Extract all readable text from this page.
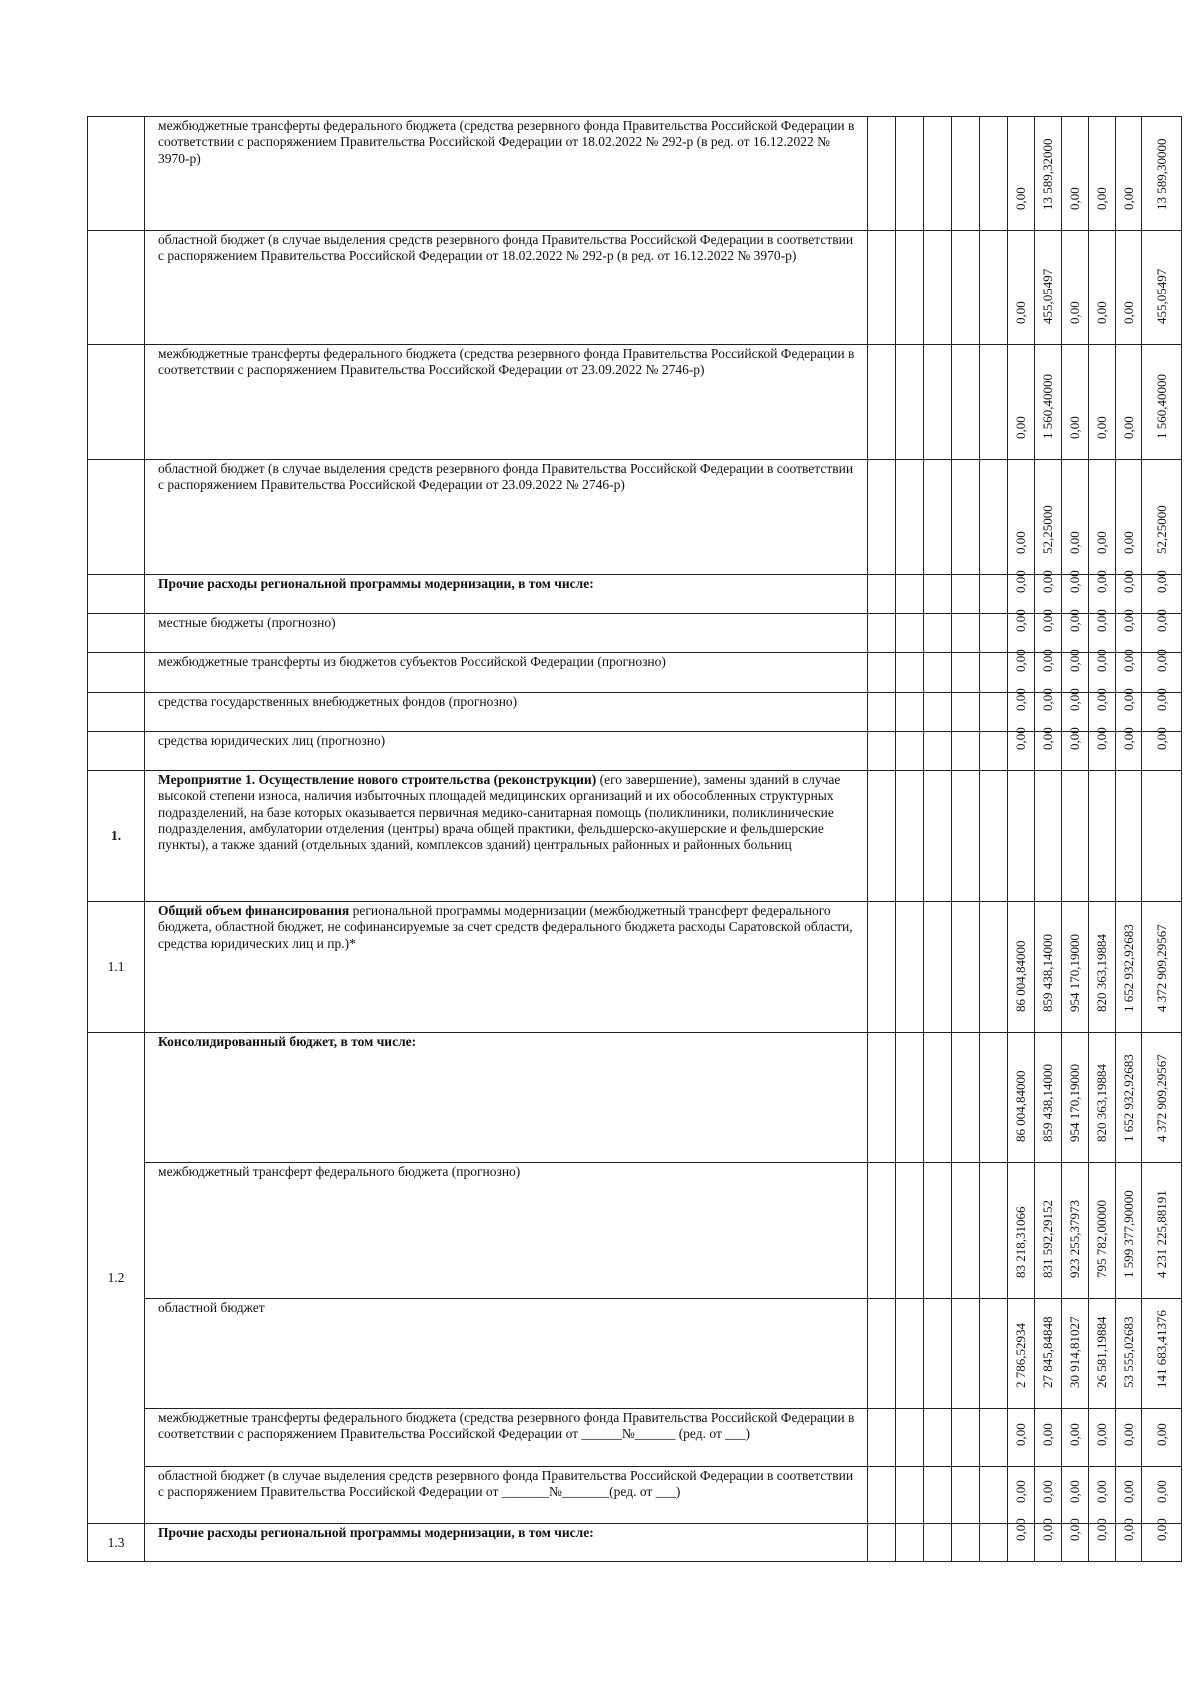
	межбюджетные трансферты федерального бюджета (средства резервного фонда Правительства Российской Федерации в соответствии с распоряжением Правительства Российской Федерации от 18.02.2022 № 292-р (в ред. от 16.12.2022 № 3970-р)						0,00	13 589,32000	0,00	0,00	0,00	13 589,30000

	областной бюджет (в случае выделения средств резервного фонда Правительства Российской Федерации в соответствии с распоряжением Правительства Российской Федерации от 18.02.2022 № 292-р (в ред. от 16.12.2022 № 3970-р)						0,00	455,05497	0,00	0,00	0,00	455,05497

	межбюджетные трансферты федерального бюджета (средства резервного фонда Правительства Российской Федерации в соответствии с распоряжением Правительства Российской Федерации от 23.09.2022 № 2746-р)						0,00	1 560,40000	0,00	0,00	0,00	1 560,40000

	областной бюджет (в случае выделения средств резервного фонда Правительства Российской Федерации в соответствии с распоряжением Правительства Российской Федерации от 23.09.2022 № 2746-р)						0,00	52,25000	0,00	0,00	0,00	52,25000

	Прочие расходы региональной программы модернизации, в том числе:						0,00	0,00	0,00	0,00	0,00	0,00

	местные бюджеты (прогнозно)						0,00	0,00	0,00	0,00	0,00	0,00

	межбюджетные трансферты из бюджетов субъектов Российской Федерации (прогнозно)						0,00	0,00	0,00	0,00	0,00	0,00

	средства государственных внебюджетных фондов (прогнозно)						0,00	0,00	0,00	0,00	0,00	0,00

	средства юридических лиц (прогнозно)						0,00	0,00	0,00	0,00	0,00	0,00

1.	Мероприятие 1. Осуществление нового строительства (реконструкции) (его завершение), замены зданий в случае высокой степени износа, наличия избыточных площадей медицинских организаций и их обособленных структурных подразделений, на базе которых оказывается первичная медико-санитарная помощь (поликлиники, поликлинические подразделения, амбулатории отделения (центры) врача общей практики, фельдшерско-акушерские и фельдшерские пункты), а также зданий (отдельных зданий, комплексов зданий) центральных районных и районных больниц						

1.1	Общий объем финансирования региональной программы модернизации (межбюджетный трансферт федерального бюджета, областной бюджет, не софинансируемые за счет средств федерального бюджета расходы Саратовской области, средства юридических лиц и пр.)*						86 004,84000	859 438,14000	954 170,19000	820 363,19884	1 652 932,92683	4 372 909,29567

1.2	Консолидированный бюджет, в том числе:						86 004,84000	859 438,14000	954 170,19000	820 363,19884	1 652 932,92683	4 372 909,29567

	межбюджетный трансферт федерального бюджета (прогнозно)						83 218,31066	831 592,29152	923 255,37973	795 782,00000	1 599 377,90000	4 231 225,88191

	областной бюджет						2 786,52934	27 845,84848	30 914,81027	26 581,19884	53 555,02683	141 683,41376

	межбюджетные трансферты федерального бюджета (средства резервного фонда Правительства Российской Федерации в соответствии с распоряжением Правительства Российской Федерации от ______№______ (ред. от ___)						0,00	0,00	0,00	0,00	0,00	0,00

	областной бюджет (в случае выделения средств резервного фонда Правительства Российской Федерации в соответствии с распоряжением Правительства Российской Федерации от _______№_______(ред. от ___)						0,00	0,00	0,00	0,00	0,00	0,00

1.3	Прочие расходы региональной программы модернизации, в том числе:						0,00	0,00	0,00	0,00	0,00	0,00
